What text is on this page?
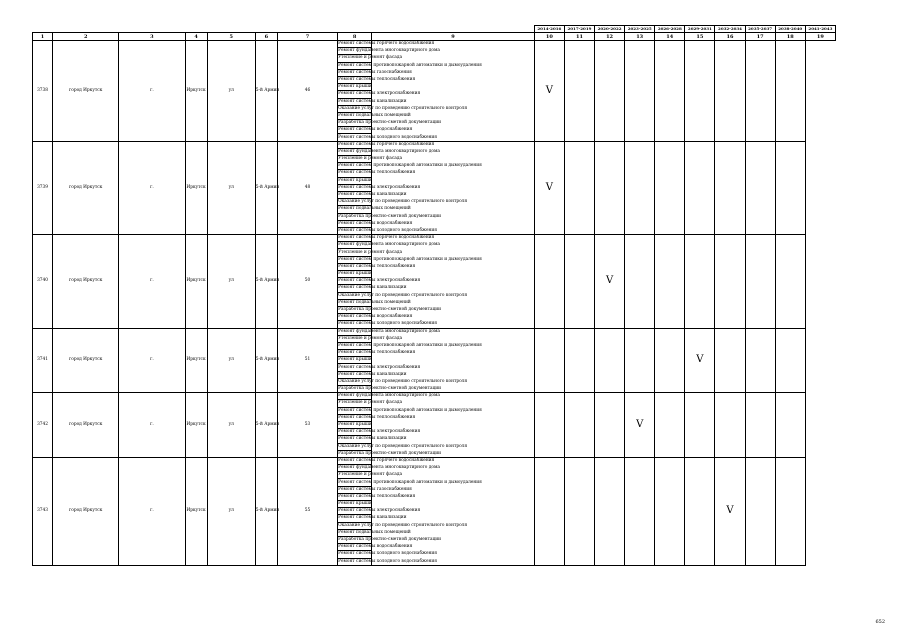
									2014-2016	2017-2019	2020-2022	2023-2025	2026-2028	2029-2031	2032-2034	2035-2037	2038-2040	2041-2043
1	2	3	4	5	6	7	8	9	10	11	12	13	14	15	16	17	18	19
3738	город Иркутск	г.	Иркутск	ул	5-й Армии	46	Ремонт системы горячего водоснабжения		V									
							Ремонт фундамента многоквартирного дома											
							Утепление и ремонт фасада											
							Ремонт систем противопожарной автоматики и дымоудаления											
							Ремонт системы газоснабжения											
							Ремонт системы теплоснабжения											
							Ремонт крыши											
							Ремонт системы электроснабжения											
							Ремонт системы канализации											
							Оказание услуг по проведению строительного контроля											
							Ремонт подвальных помещений											
							Разработка проектно-сметной документации											
							Ремонт системы водоснабжения											
							Ремонт системы холодного водоснабжения											
3739	город Иркутск	г.	Иркутск	ул	5-й Армии	48	Ремонт системы горячего водоснабжения		V									
							Ремонт фундамента многоквартирного дома											
							Утепление и ремонт фасада											
							Ремонт систем противопожарной автоматики и дымоудаления											
							Ремонт системы теплоснабжения											
							Ремонт крыши											
							Ремонт системы электроснабжения											
							Ремонт системы канализации											
							Оказание услуг по проведению строительного контроля											
							Ремонт подвальных помещений											
							Разработка проектно-сметной документации											
							Ремонт системы водоснабжения											
							Ремонт системы холодного водоснабжения											
3740	город Иркутск	г.	Иркутск	ул	5-й Армии	50	Ремонт системы горячего водоснабжения				V							
							Ремонт фундамента многоквартирного дома											
							Утепление и ремонт фасада											
							Ремонт систем противопожарной автоматики и дымоудаления											
							Ремонт системы теплоснабжения											
							Ремонт крыши											
							Ремонт системы электроснабжения											
							Ремонт системы канализации											
							Оказание услуг по проведению строительного контроля											
							Ремонт подвальных помещений											
							Разработка проектно-сметной документации											
							Ремонт системы водоснабжения											
							Ремонт системы холодного водоснабжения											
3741	город Иркутск	г.	Иркутск	ул	5-й Армии	51	Ремонт фундамента многоквартирного дома							V				
							Утепление и ремонт фасада											
							Ремонт систем противопожарной автоматики и дымоудаления											
							Ремонт системы теплоснабжения											
							Ремонт крыши											
							Ремонт системы электроснабжения											
							Ремонт системы канализации											
							Оказание услуг по проведению строительного контроля											
							Разработка проектно-сметной документации											
3742	город Иркутск	г.	Иркутск	ул	5-й Армии	53	Ремонт фундамента многоквартирного дома					V						
							Утепление и ремонт фасада											
							Ремонт систем противопожарной автоматики и дымоудаления											
							Ремонт системы теплоснабжения											
							Ремонт крыши											
							Ремонт системы электроснабжения											
							Ремонт системы канализации											
							Оказание услуг по проведению строительного контроля											
							Разработка проектно-сметной документации											
3743	город Иркутск	г.	Иркутск	ул	5-й Армии	55	Ремонт системы горячего водоснабжения								V			
							Ремонт фундамента многоквартирного дома											
							Утепление и ремонт фасада											
							Ремонт систем противопожарной автоматики и дымоудаления											
							Ремонт системы газоснабжения											
							Ремонт системы теплоснабжения											
							Ремонт крыши											
							Ремонт системы электроснабжения											
							Ремонт системы канализации											
							Оказание услуг по проведению строительного контроля											
							Ремонт подвальных помещений											
							Разработка проектно-сметной документации											
							Ремонт системы водоснабжения											
							Ремонт системы холодного водоснабжения											
							Ремонт системы холодного водоснабжения											
652
